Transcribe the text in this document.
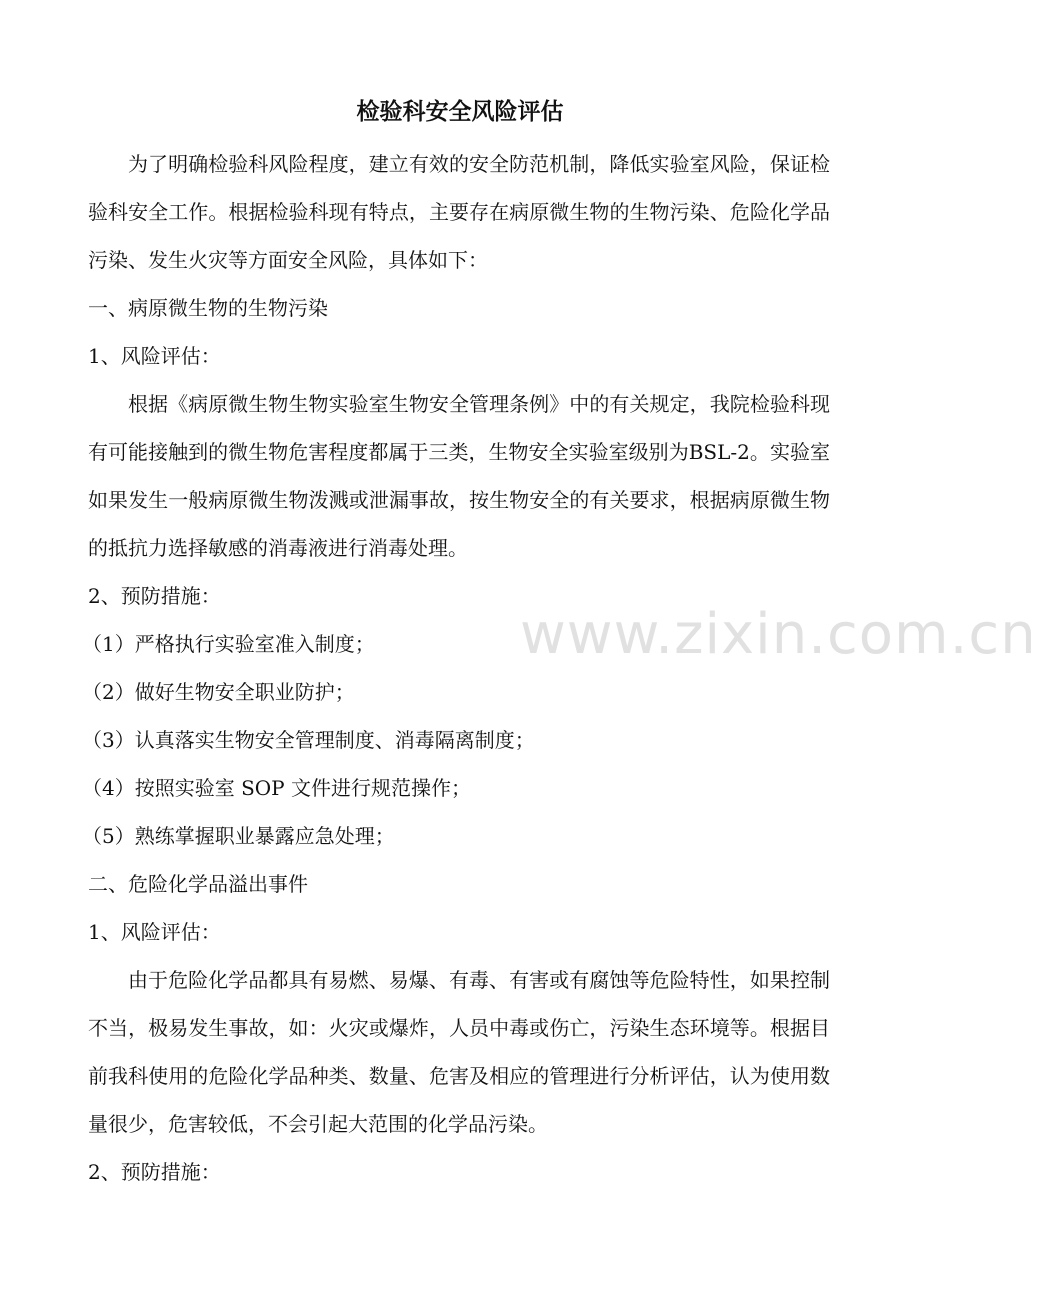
检验科安全风险评估

为了明确检验科风险程度，建立有效的安全防范机制，降低实验室风险，保证检验科安全工作。根据检验科现有特点，主要存在病原微生物的生物污染、危险化学品污染、发生火灾等方面安全风险，具体如下：

一、病原微生物的生物污染

1、风险评估：

根据《病原微生物生物实验室生物安全管理条例》中的有关规定，我院检验科现有可能接触到的微生物危害程度都属于三类，生物安全实验室级别为BSL-2。实验室如果发生一般病原微生物泼溅或泄漏事故，按生物安全的有关要求，根据病原微生物的抵抗力选择敏感的消毒液进行消毒处理。

2、预防措施：

（1）严格执行实验室准入制度；

（2）做好生物安全职业防护；

（3）认真落实生物安全管理制度、消毒隔离制度；

（4）按照实验室 SOP 文件进行规范操作；

（5）熟练掌握职业暴露应急处理；

二、危险化学品溢出事件

1、风险评估：

由于危险化学品都具有易燃、易爆、有毒、有害或有腐蚀等危险特性，如果控制不当，极易发生事故，如：火灾或爆炸，人员中毒或伤亡，污染生态环境等。根据目前我科使用的危险化学品种类、数量、危害及相应的管理进行分析评估，认为使用数量很少，危害较低，不会引起大范围的化学品污染。

2、预防措施：

www.zixin.com.cn
